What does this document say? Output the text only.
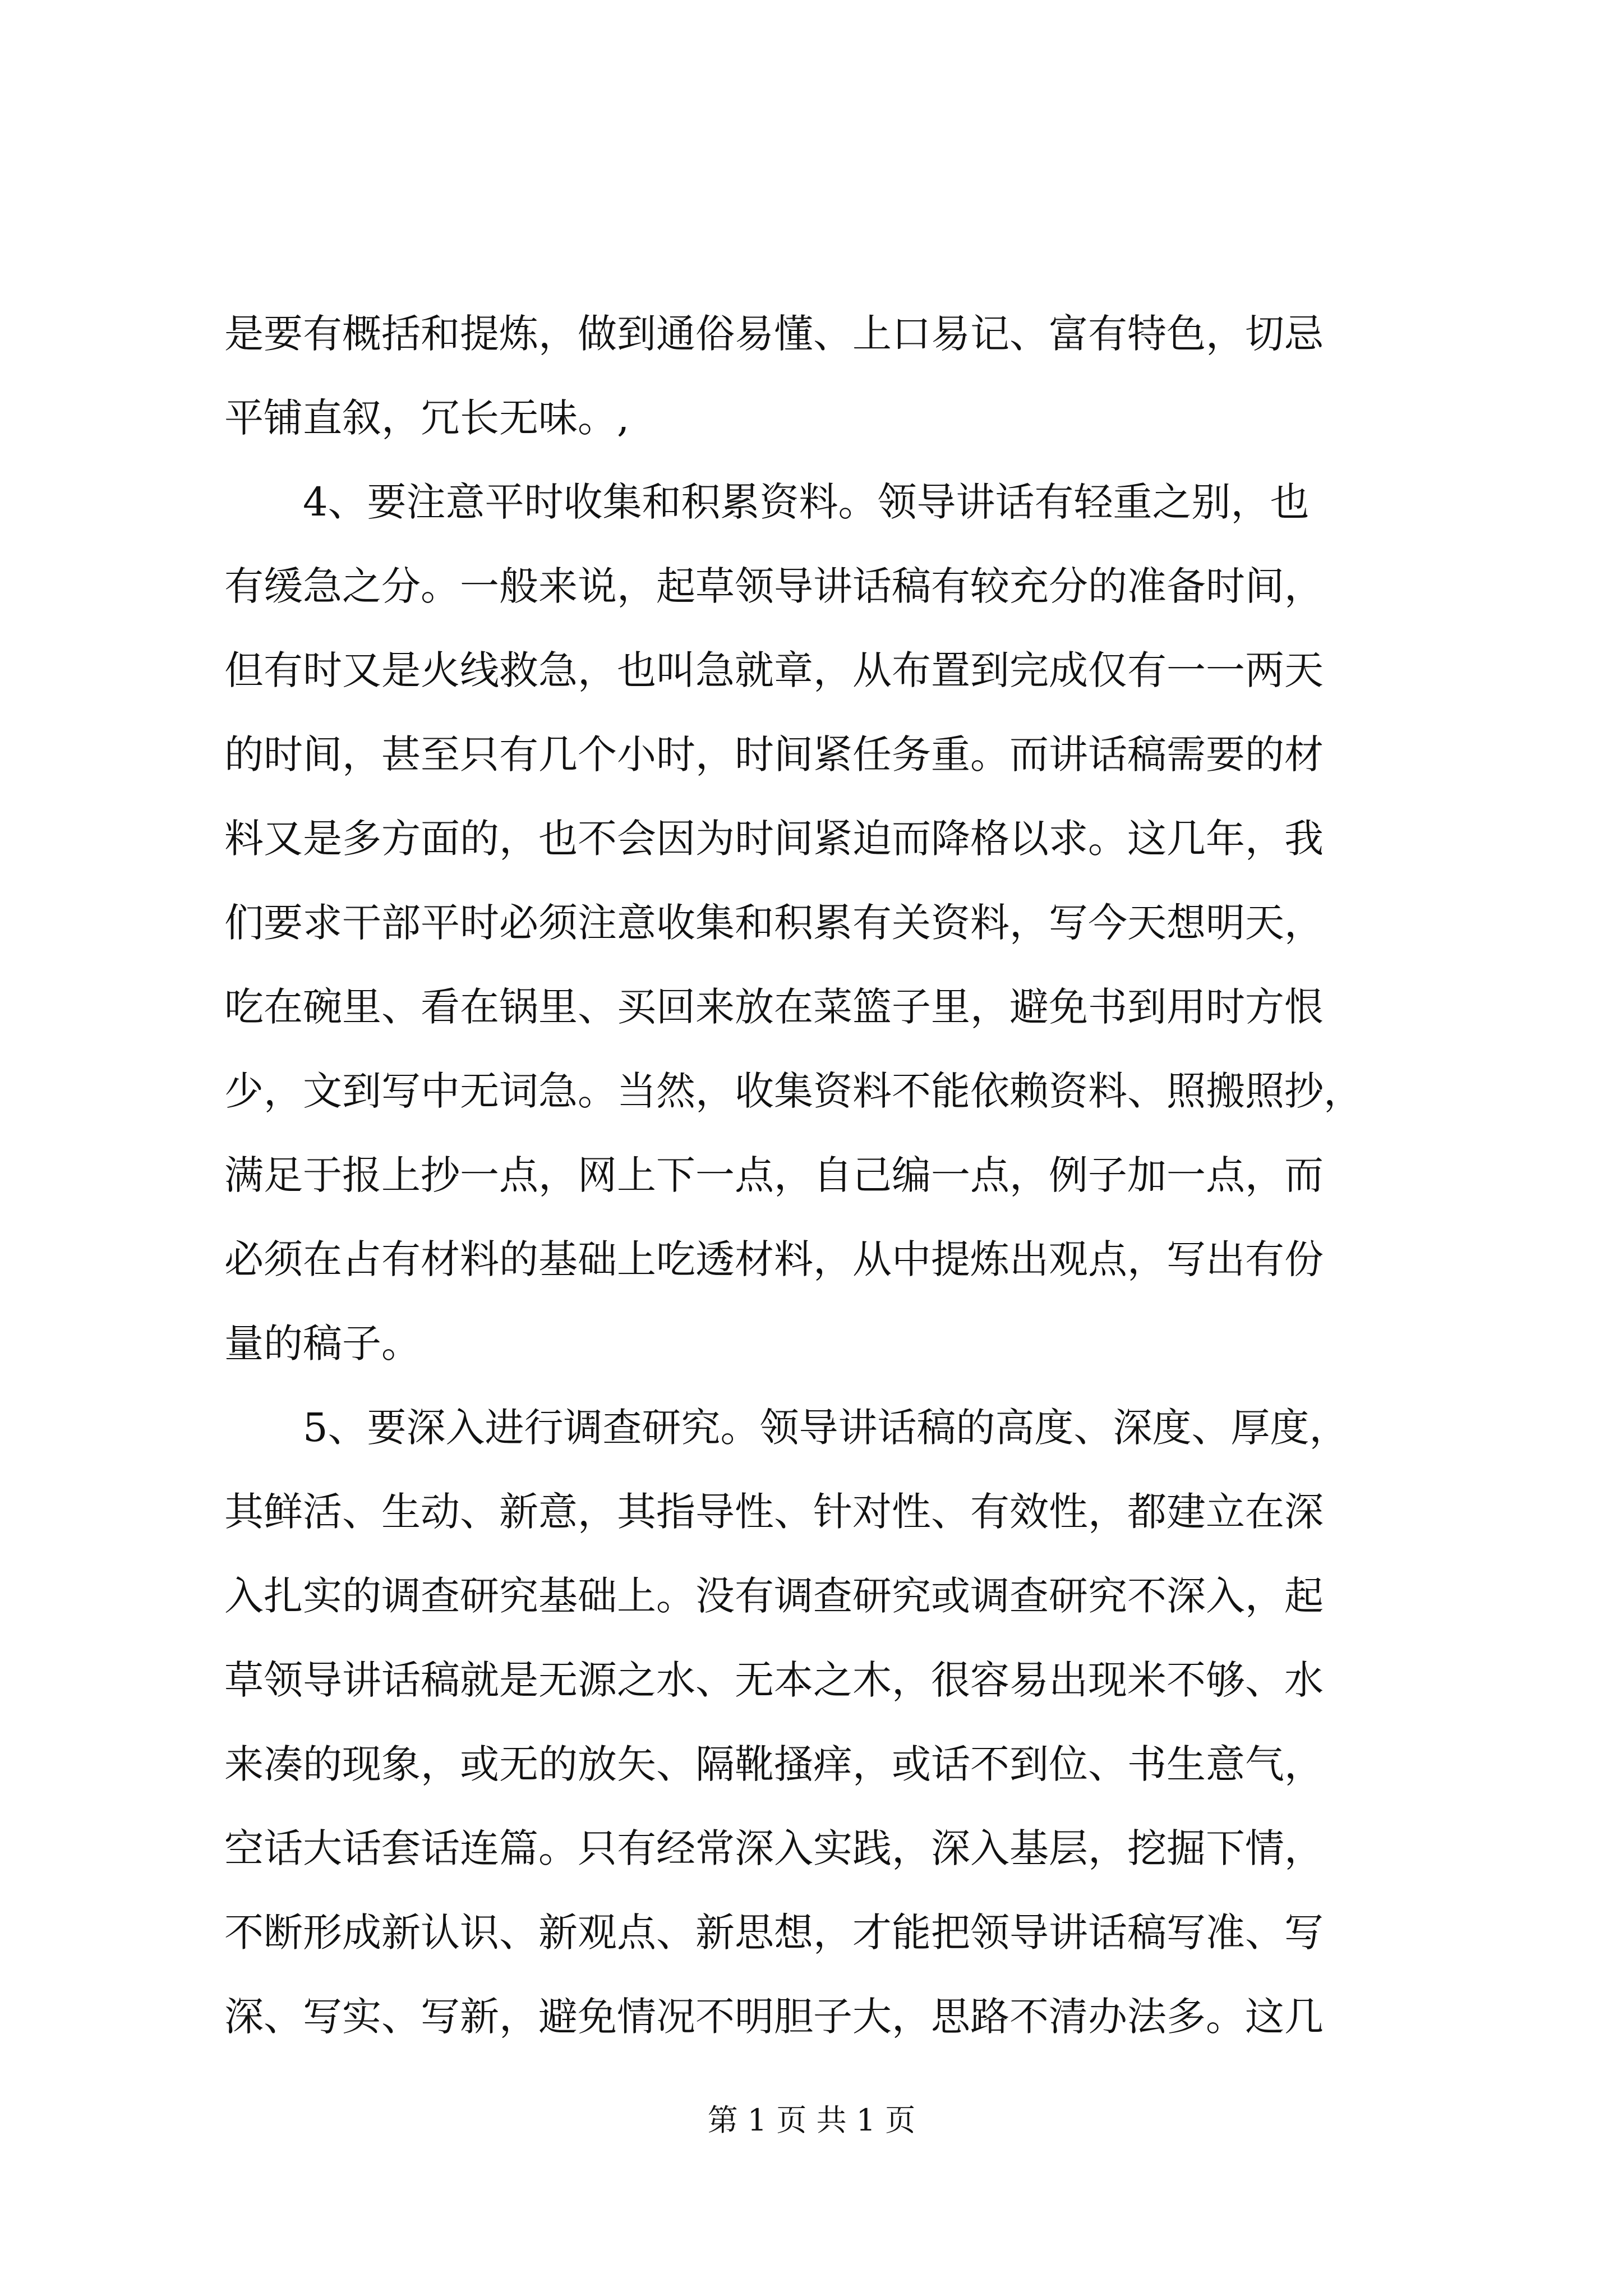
是要有概括和提炼，做到通俗易懂、上口易记、富有特色，切忌
平铺直叙，冗长无味。,
　　4、要注意平时收集和积累资料。领导讲话有轻重之别，也
有缓急之分。一般来说，起草领导讲话稿有较充分的准备时间，
但有时又是火线救急，也叫急就章，从布置到完成仅有一一两天
的时间，甚至只有几个小时，时间紧任务重。而讲话稿需要的材
料又是多方面的，也不会因为时间紧迫而降格以求。这几年，我
们要求干部平时必须注意收集和积累有关资料，写今天想明天，
吃在碗里、看在锅里、买回来放在菜篮子里，避免书到用时方恨
少，文到写中无词急。当然，收集资料不能依赖资料、照搬照抄，
满足于报上抄一点，网上下一点，自己编一点，例子加一点，而
必须在占有材料的基础上吃透材料，从中提炼出观点，写出有份
量的稿子。
　　5、要深入进行调查研究。领导讲话稿的高度、深度、厚度，
其鲜活、生动、新意，其指导性、针对性、有效性，都建立在深
入扎实的调查研究基础上。没有调查研究或调查研究不深入，起
草领导讲话稿就是无源之水、无本之木，很容易出现米不够、水
来凑的现象，或无的放矢、隔靴搔痒，或话不到位、书生意气，
空话大话套话连篇。只有经常深入实践，深入基层，挖掘下情，
不断形成新认识、新观点、新思想，才能把领导讲话稿写准、写
深、写实、写新，避免情况不明胆子大，思路不清办法多。这几
第 1 页 共 1 页
